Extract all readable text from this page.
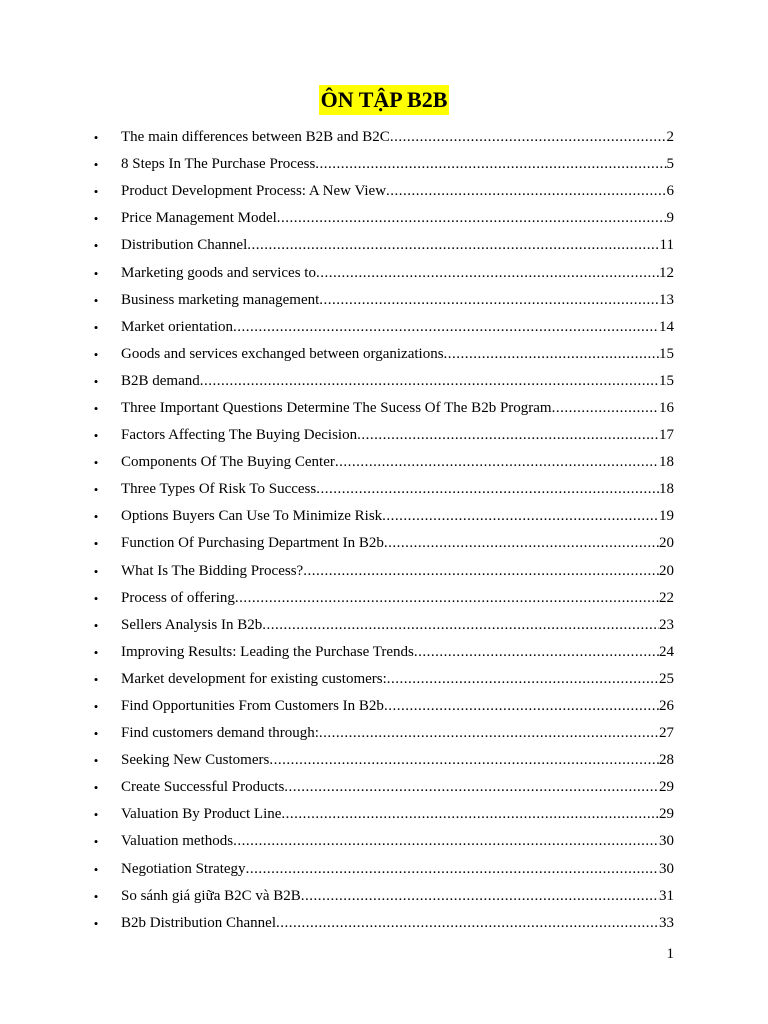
ÔN TẬP B2B
• The main differences between B2B and B2C .....	2
• 8 Steps In The Purchase Process .....	5
• Product Development Process: A New View .....	6
• Price Management Model .....	9
• Distribution Channel .....	11
• Marketing goods and services to .....	12
• Business marketing management .....	13
• Market orientation .....	14
• Goods and services exchanged between organizations .....	15
• B2B demand .....	15
• Three Important Questions Determine The Sucess Of The B2b Program .....	16
• Factors Affecting The Buying Decision .....	17
• Components Of The Buying Center .....	18
• Three Types Of Risk To Success .....	18
• Options Buyers Can Use To Minimize Risk .....	19
• Function Of Purchasing Department In B2b .....	20
• What Is The Bidding Process? .....	20
• Process of offering .....	22
• Sellers Analysis In B2b .....	23
• Improving Results: Leading the Purchase Trends .....	24
• Market development for existing customers: .....	25
• Find Opportunities From Customers In B2b .....	26
• Find customers demand through: .....	27
• Seeking New Customers .....	28
• Create Successful Products .....	29
• Valuation By Product Line .....	29
• Valuation methods .....	30
• Negotiation Strategy .....	30
• So sánh giá giữa B2C và B2B .....	31
• B2b Distribution Channel .....	33
1
